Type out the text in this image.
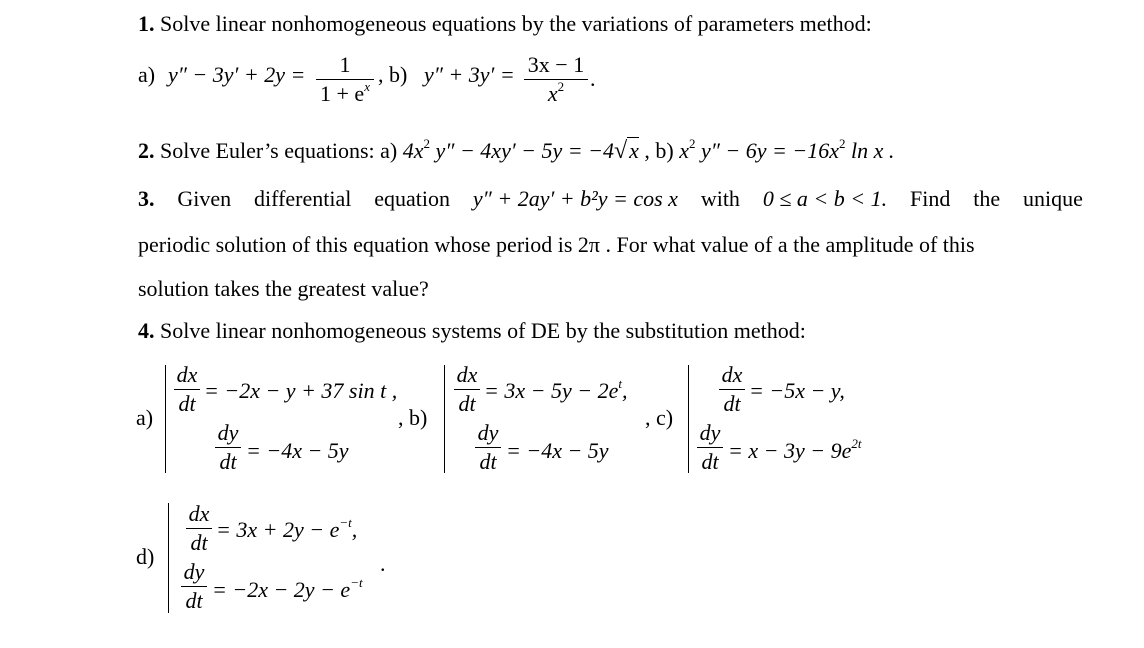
1. Solve linear nonhomogeneous equations by the variations of parameters method:
a) y″ − 3y′ + 2y =	1
$1 + e^x$ , b) y″ + 3y′ = 3x − 1
$x^2$	.
2. Solve Euler’s equations: a) $4x^2$ y″ − 4xy′ − 5y = −4√x , b) $x^2$ $y'' - 6y = -16x^2$ ln x .
3. Given differential equation y″ + 2ay′ + b²y = cos x with 0 ≤ a < b < 1. Find the unique
periodic solution of this equation whose period is 2π . For what value of a the amplitude of this
solution takes the greatest value?
4. Solve linear nonhomogeneous systems of DE by the substitution method:
a)
dx
dt
= −2x − y + 37 sin t ,
dy
dt = −4x − 5y
, b)
dx
dt
= $3x - 5y - 2e^t$,
dy
dt = −4x − 5y
, c)
dx
dt
= −5x − y,
dy
dt = $x - 3y - 9e^{2t}$
d)
dx
dt
= $3x + 2y - e^{-t}$,
dy
dt = $-2x - 2y - e^{-t}$
.
